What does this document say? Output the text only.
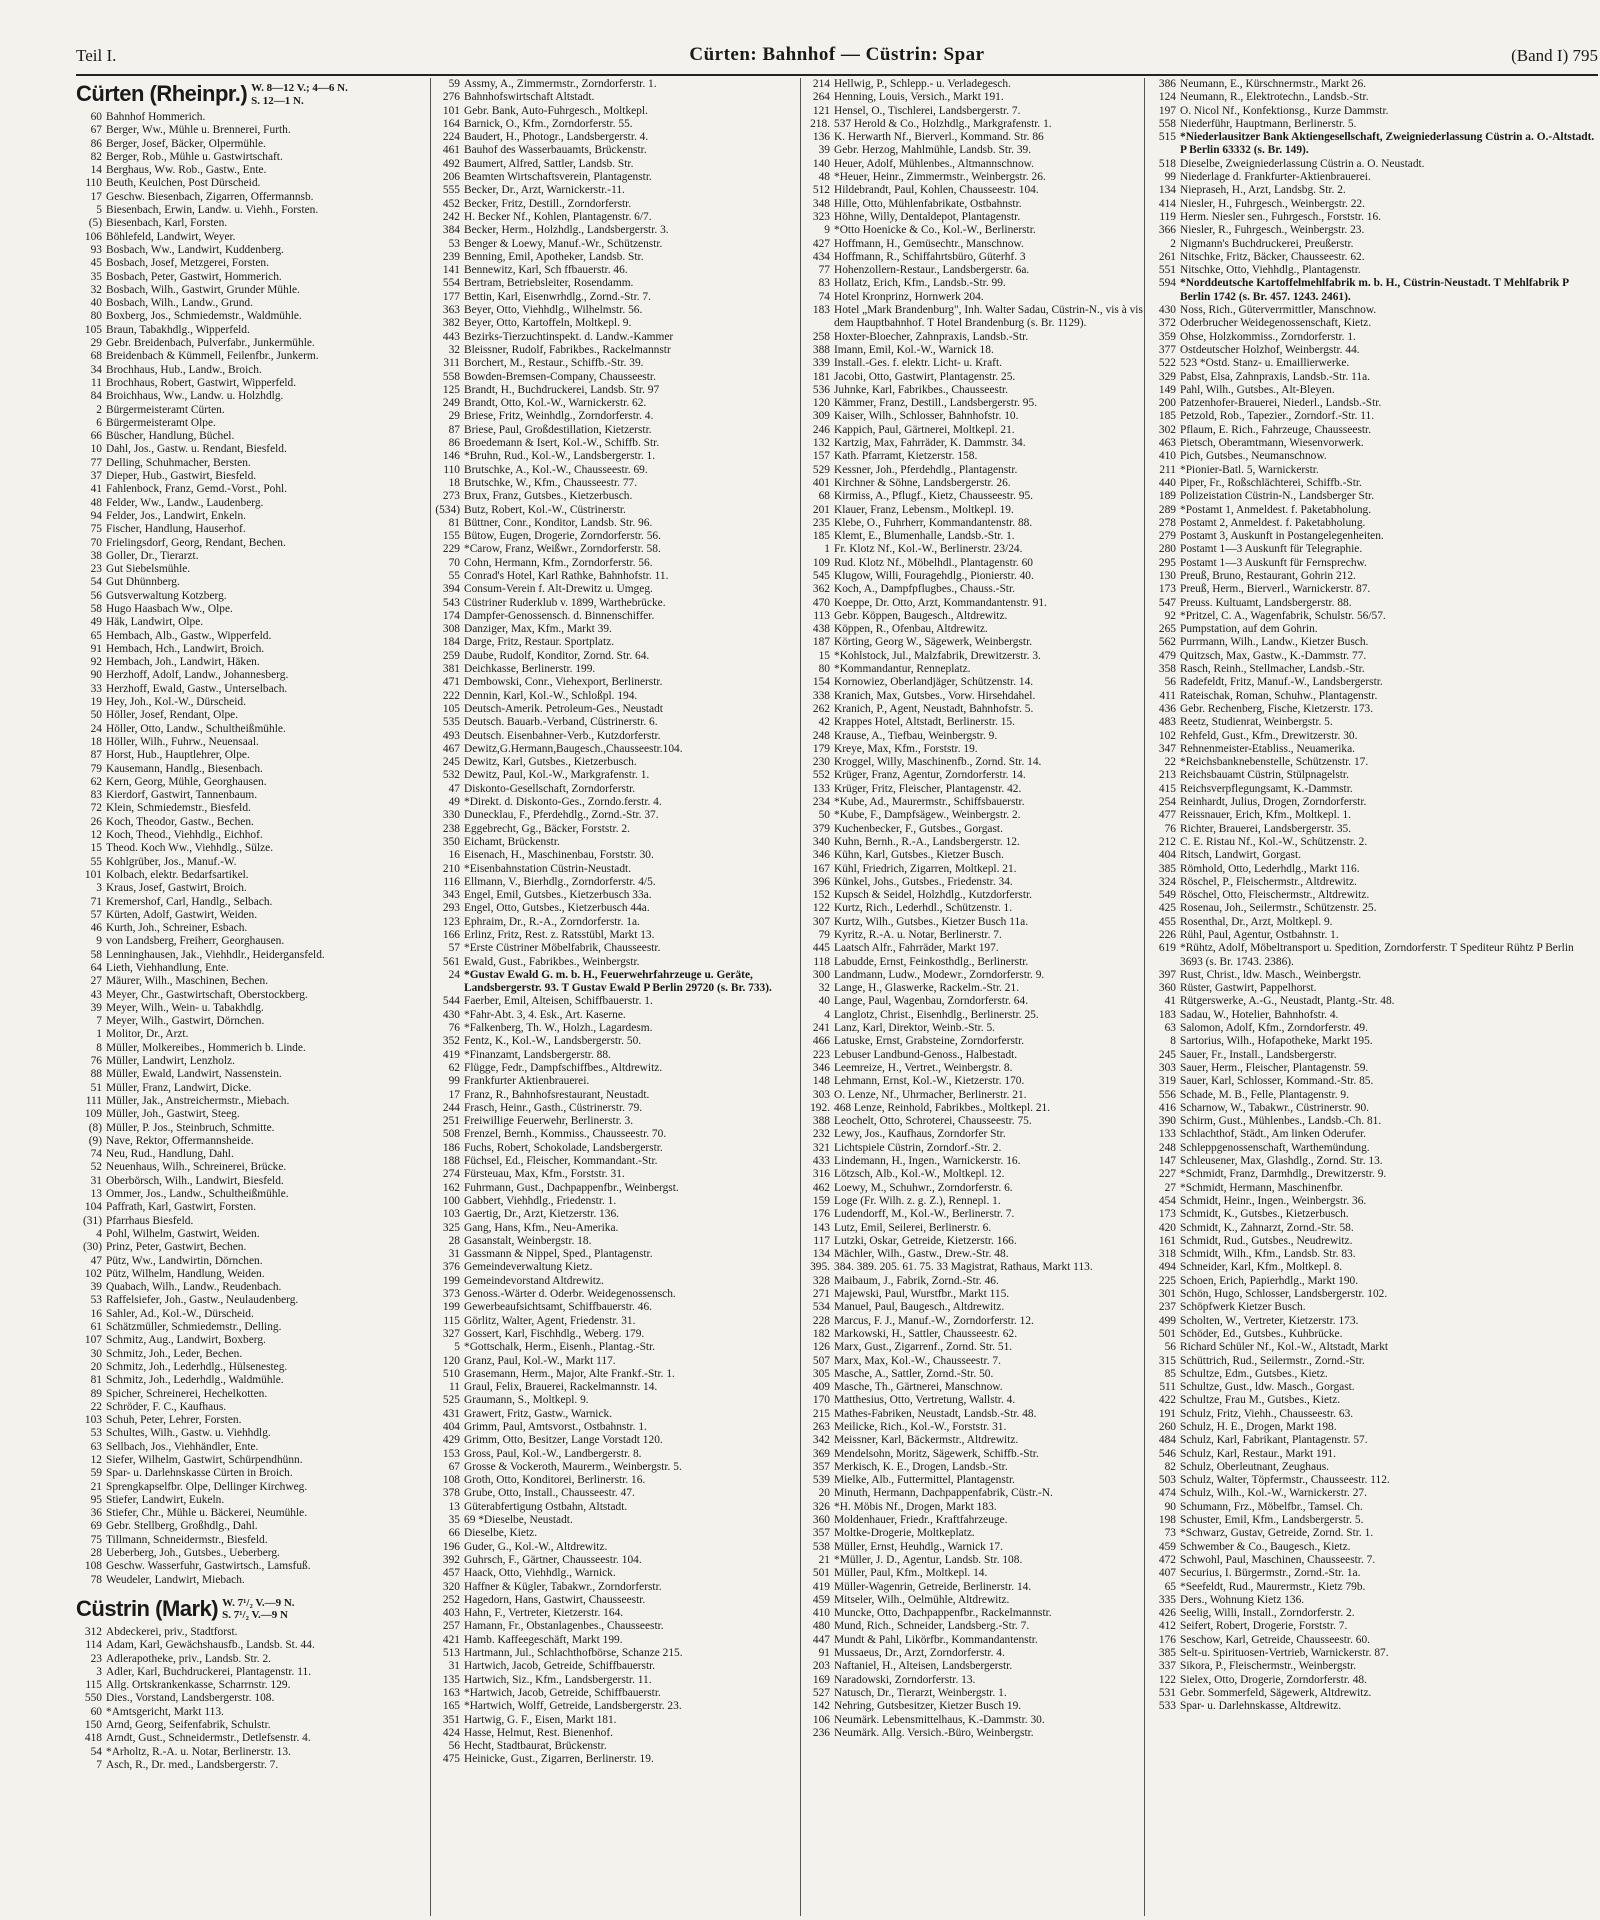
Teil I.	Cürten: Bahnhof — Cüstrin: Spar	(Band I) 795
Cürten (Rheinpr.) W. 8—12 V.; 4—6 N.
S. 12—1 N.
60 Bahnhof Hommerich.
67 Berger, Ww., Mühle u. Brennerei, Furth.
86 Berger, Josef, Bäcker, Olpermühle.
82 Berger, Rob., Mühle u. Gastwirtschaft.
14 Berghaus, Ww. Rob., Gastw., Ente.
110 Beuth, Keulchen, Post Dürscheid.
17 Geschw. Biesenbach, Zigarren, Offermannsb.
5 Biesenbach, Erwin, Landw. u. Viehh., Forsten.
(5) Biesenbach, Karl, Forsten.
106 Böhlefeld, Landwirt, Weyer.
93 Bosbach, Ww., Landwirt, Kuddenberg.
45 Bosbach, Josef, Metzgerei, Forsten.
35 Bosbach, Peter, Gastwirt, Hommerich.
32 Bosbach, Wilh., Gastwirt, Grunder Mühle.
40 Bosbach, Wilh., Landw., Grund.
80 Boxberg, Jos., Schmiedemstr., Waldmühle.
105 Braun, Tabakhdlg., Wipperfeld.
29 Gebr. Breidenbach, Pulverfabr., Junkermühle.
68 Breidenbach & Kümmell, Feilenfbr., Junkerm.
34 Brochhaus, Hub., Landw., Broich.
11 Brochhaus, Robert, Gastwirt, Wipperfeld.
84 Broichhaus, Ww., Landw. u. Holzhdlg.
2 Bürgermeisteramt Cürten.
6 Bürgermeisteramt Olpe.
66 Büscher, Handlung, Büchel.
10 Dahl, Jos., Gastw. u. Rendant, Biesfeld.
77 Delling, Schuhmacher, Bersten.
37 Dieper, Hub., Gastwirt, Biesfeld.
41 Fahlenbock, Franz, Gemd.-Vorst., Pohl.
48 Felder, Ww., Landw., Laudenberg.
94 Felder, Jos., Landwirt, Enkeln.
75 Fischer, Handlung, Hauserhof.
70 Frielingsdorf, Georg, Rendant, Bechen.
38 Goller, Dr., Tierarzt.
23 Gut Siebelsmühle.
54 Gut Dhünnberg.
56 Gutsverwaltung Kotzberg.
58 Hugo Haasbach Ww., Olpe.
49 Häk, Landwirt, Olpe.
65 Hembach, Alb., Gastw., Wipperfeld.
91 Hembach, Hch., Landwirt, Broich.
92 Hembach, Joh., Landwirt, Häken.
90 Herzhoff, Adolf, Landw., Johannesberg.
33 Herzhoff, Ewald, Gastw., Unterselbach.
19 Hey, Joh., Kol.-W., Dürscheid.
50 Höller, Josef, Rendant, Olpe.
24 Höller, Otto, Landw., Schultheißmühle.
18 Höller, Wilh., Fuhrw., Neuensaal.
87 Horst, Hub., Hauptlehrer, Olpe.
79 Kausemann, Handlg., Biesenbach.
62 Kern, Georg, Mühle, Georghausen.
83 Kierdorf, Gastwirt, Tannenbaum.
72 Klein, Schmiedemstr., Biesfeld.
26 Koch, Theodor, Gastw., Bechen.
12 Koch, Theod., Viehhdlg., Eichhof.
15 Theod. Koch Ww., Viehhdlg., Sülze.
55 Kohlgrüber, Jos., Manuf.-W.
101 Kolbach, elektr. Bedarfsartikel.
3 Kraus, Josef, Gastwirt, Broich.
71 Kremershof, Carl, Handlg., Selbach.
57 Kürten, Adolf, Gastwirt, Weiden.
46 Kurth, Joh., Schreiner, Esbach.
9 von Landsberg, Freiherr, Georghausen.
58 Lenninghausen, Jak., Viehhdlr., Heidergansfeld.
64 Lieth, Viehhandlung, Ente.
27 Mäurer, Wilh., Maschinen, Bechen.
43 Meyer, Chr., Gastwirtschaft, Oberstockberg.
39 Meyer, Wilh., Wein- u. Tabakhdlg.
7 Meyer, Wilh., Gastwirt, Dörnchen.
1 Molitor, Dr., Arzt.
8 Müller, Molkereibes., Hommerich b. Linde.
76 Müller, Landwirt, Lenzholz.
88 Müller, Ewald, Landwirt, Nassenstein.
51 Müller, Franz, Landwirt, Dicke.
111 Müller, Jak., Anstreichermstr., Miebach.
109 Müller, Joh., Gastwirt, Steeg.
(8) Müller, P. Jos., Steinbruch, Schmitte.
(9) Nave, Rektor, Offermannsheide.
74 Neu, Rud., Handlung, Dahl.
52 Neuenhaus, Wilh., Schreinerei, Brücke.
31 Oberbörsch, Wilh., Landwirt, Biesfeld.
13 Ommer, Jos., Landw., Schultheißmühle.
104 Paffrath, Karl, Gastwirt, Forsten.
(31) Pfarrhaus Biesfeld.
4 Pohl, Wilhelm, Gastwirt, Weiden.
(30) Prinz, Peter, Gastwirt, Bechen.
47 Pütz, Ww., Landwirtin, Dörnchen.
102 Pütz, Wilhelm, Handlung, Weiden.
39 Quabach, Wilh., Landw., Reudenbach.
53 Raffelsiefer, Joh., Gastw., Neulaudenberg.
16 Sahler, Ad., Kol.-W., Dürscheid.
61 Schätzmüller, Schmiedemstr., Delling.
107 Schmitz, Aug., Landwirt, Boxberg.
30 Schmitz, Joh., Leder, Bechen.
20 Schmitz, Joh., Lederhdlg., Hülsenesteg.
81 Schmitz, Joh., Lederhdlg., Waldmühle.
89 Spicher, Schreinerei, Hechelkotten.
22 Schröder, F. C., Kaufhaus.
103 Schuh, Peter, Lehrer, Forsten.
53 Schultes, Wilh., Gastw. u. Viehhdlg.
63 Sellbach, Jos., Viehhändler, Ente.
12 Siefer, Wilhelm, Gastwirt, Schürpendhünn.
59 Spar- u. Darlehnskasse Cürten in Broich.
21 Sprengkapselfbr. Olpe, Dellinger Kirchweg.
95 Stiefer, Landwirt, Eukeln.
36 Stiefer, Chr., Mühle u. Bäckerei, Neumühle.
69 Gebr. Stellberg, Großhdlg., Dahl.
75 Tillmann, Schneidermstr., Biesfeld.
28 Ueberberg, Joh., Gutsbes., Ueberberg.
108 Geschw. Wasserfuhr, Gastwirtsch., Lamsfuß.
78 Weudeler, Landwirt, Miebach.
Cüstrin (Mark) W. 7¹/₂ V.—9 N.
S. 7¹/₂ V.—9 N
312 Abdeckerei, priv., Stadtforst.
114 Adam, Karl, Gewächshausfb., Landsb. St. 44.
23 Adlerapotheke, priv., Landsb. Str. 2.
3 Adler, Karl, Buchdruckerei, Plantagenstr. 11.
115 Allg. Ortskrankenkasse, Scharrnstr. 129.
550 Dies., Vorstand, Landsbergerstr. 108.
60 *Amtsgericht, Markt 113.
150 Arnd, Georg, Seifenfabrik, Schulstr.
418 Arndt, Gust., Schneidermstr., Detlefsenstr. 4.
54 *Arholtz, R.-A. u. Notar, Berlinerstr. 13.
7 Asch, R., Dr. med., Landsbergerstr. 7.
59 Assmy, A., Zimmermstr., Zorndorferstr. 1.
276 Bahnhofswirtschaft Altstadt.
101 Gebr. Bank, Auto-Fuhrgesch., Moltkepl.
164 Barnick, O., Kfm., Zorndorferstr. 55.
224 Baudert, H., Photogr., Landsbergerstr. 4.
461 Bauhof des Wasserbauamts, Brückenstr.
492 Baumert, Alfred, Sattler, Landsb. Str.
206 Beamten Wirtschaftsverein, Plantagenstr.
555 Becker, Dr., Arzt, Warnickerstr.-11.
452 Becker, Fritz, Destill., Zorndorferstr.
242 H. Becker Nf., Kohlen, Plantagenstr. 6/7.
384 Becker, Herm., Holzhdlg., Landsbergerstr. 3.
53 Benger & Loewy, Manuf.-Wr., Schützenstr.
239 Benning, Emil, Apotheker, Landsb. Str.
141 Bennewitz, Karl, Sch ffbauerstr. 46.
554 Bertram, Betriebsleiter, Rosendamm.
177 Bettin, Karl, Eisenwrhdlg., Zornd.-Str. 7.
363 Beyer, Otto, Viehhdlg., Wilhelmstr. 56.
382 Beyer, Otto, Kartoffeln, Moltkepl. 9.
443 Bezirks-Tierzuchtinspekt. d. Landw.-Kammer
32 Bleissner, Rudolf, Fabrikbes., Rackelmannstr
311 Borchert, M., Restaur., Schiffb.-Str. 39.
558 Bowden-Bremsen-Company, Chausseestr.
125 Brandt, H., Buchdruckerei, Landsb. Str. 97
249 Brandt, Otto, Kol.-W., Warnickerstr. 62.
29 Briese, Fritz, Weinhdlg., Zorndorferstr. 4.
87 Briese, Paul, Großdestillation, Kietzerstr.
86 Broedemann & Isert, Kol.-W., Schiffb. Str.
146 *Bruhn, Rud., Kol.-W., Landsbergerstr. 1.
110 Brutschke, A., Kol.-W., Chausseestr. 69.
18 Brutschke, W., Kfm., Chausseestr. 77.
273 Brux, Franz, Gutsbes., Kietzerbusch.
(534) Butz, Robert, Kol.-W., Cüstrinerstr.
81 Büttner, Conr., Konditor, Landsb. Str. 96.
155 Bütow, Eugen, Drogerie, Zorndorferstr. 56.
229 *Carow, Franz, Weißwr., Zorndorferstr. 58.
70 Cohn, Hermann, Kfm., Zorndorferstr. 56.
55 Conrad's Hotel, Karl Rathke, Bahnhofstr. 11.
394 Consum-Verein f. Alt-Drewitz u. Umgeg.
543 Cüstriner Ruderklub v. 1899, Warthebrücke.
174 Dampfer-Genossensch. d. Binnenschiffer.
308 Danziger, Max, Kfm., Markt 39.
184 Darge, Fritz, Restaur. Sportplatz.
259 Daube, Rudolf, Konditor, Zornd. Str. 64.
381 Deichkasse, Berlinerstr. 199.
471 Dembowski, Conr., Viehexport, Berlinerstr.
222 Dennin, Karl, Kol.-W., Schloßpl. 194.
105 Deutsch-Amerik. Petroleum-Ges., Neustadt
535 Deutsch. Bauarb.-Verband, Cüstrinerstr. 6.
493 Deutsch. Eisenbahner-Verb., Kutzdorferstr.
467 Dewitz,G.Hermann,Baugesch.,Chausseestr.104.
245 Dewitz, Karl, Gutsbes., Kietzerbusch.
532 Dewitz, Paul, Kol.-W., Markgrafenstr. 1.
47 Diskonto-Gesellschaft, Zorndorferstr.
49 *Direkt. d. Diskonto-Ges., Zorndo.ferstr. 4.
330 Dunecklau, F., Pferdehdlg., Zornd.-Str. 37.
238 Eggebrecht, Gg., Bäcker, Forststr. 2.
350 Eichamt, Brückenstr.
16 Eisenach, H., Maschinenbau, Forststr. 30.
210 *Eisenbahnstation Cüstrin-Neustadt.
116 Ellmann, V., Bierhdlg., Zorndorferstr. 4/5.
343 Engel, Emil, Gutsbes., Kietzerbusch 33a.
293 Engel, Otto, Gutsbes., Kietzerbusch 44a.
123 Ephraim, Dr., R.-A., Zorndorferstr. 1a.
166 Erlinz, Fritz, Rest. z. Ratsstübl, Markt 13.
57 *Erste Cüstriner Möbelfabrik, Chausseestr.
561 Ewald, Gust., Fabrikbes., Weinbergstr.
24 *Gustav Ewald G. m. b. H., Feuerwehrfahrzeuge u. Geräte, Landsbergerstr. 93. T Gustav Ewald P Berlin 29720 (s. Br. 733).
544 Faerber, Emil, Alteisen, Schiffbauerstr. 1.
430 *Fahr-Abt. 3, 4. Esk., Art. Kaserne.
76 *Falkenberg, Th. W., Holzh., Lagardesm.
352 Fentz, K., Kol.-W., Landsbergerstr. 50.
419 *Finanzamt, Landsbergerstr. 88.
62 Flügge, Fedr., Dampfschiffbes., Altdrewitz.
99 Frankfurter Aktienbrauerei.
17 Franz, R., Bahnhofsrestaurant, Neustadt.
244 Frasch, Heinr., Gasth., Cüstrinerstr. 79.
251 Freiwillige Feuerwehr, Berlinerstr. 3.
508 Frenzel, Bernh., Kommiss., Chausseestr. 70.
186 Fuchs, Robert, Schokolade, Landsbergerstr.
188 Füchsel, Ed., Fleischer, Kommandant.-Str.
274 Fürsteuau, Max, Kfm., Forststr. 31.
162 Fuhrmann, Gust., Dachpappenfbr., Weinbergst.
100 Gabbert, Viehhdlg., Friedenstr. 1.
103 Gaertig, Dr., Arzt, Kietzerstr. 136.
325 Gang, Hans, Kfm., Neu-Amerika.
28 Gasanstalt, Weinbergstr. 18.
31 Gassmann & Nippel, Sped., Plantagenstr.
376 Gemeindeverwaltung Kietz.
199 Gemeindevorstand Altdrewitz.
373 Genoss.-Wärter d. Oderbr. Weidegenossensch.
199 Gewerbeaufsichtsamt, Schiffbauerstr. 46.
115 Görlitz, Walter, Agent, Friedenstr. 31.
327 Gossert, Karl, Fischhdlg., Weberg. 179.
5 *Gottschalk, Herm., Eisenh., Plantag.-Str.
120 Granz, Paul, Kol.-W., Markt 117.
510 Grasemann, Herm., Major, Alte Frankf.-Str. 1.
11 Graul, Felix, Brauerei, Rackelmannstr. 14.
525 Graumann, S., Moltkepl. 9.
431 Grawert, Fritz, Gastw., Warnick.
404 Grimm, Paul, Amtsvorst., Ostbahnstr. 1.
429 Grimm, Otto, Besitzer, Lange Vorstadt 120.
153 Gross, Paul, Kol.-W., Landbergerstr. 8.
67 Grosse & Vockeroth, Maurerm., Weinbergstr. 5.
108 Groth, Otto, Konditorei, Berlinerstr. 16.
378 Grube, Otto, Install., Chausseestr. 47.
13 Güterabfertigung Ostbahn, Altstadt.
35 69 *Dieselbe, Neustadt.
66 Dieselbe, Kietz.
196 Guder, G., Kol.-W., Altdrewitz.
392 Guhrsch, F., Gärtner, Chausseestr. 104.
457 Haack, Otto, Viehhdlg., Warnick.
320 Haffner & Kügler, Tabakwr., Zorndorferstr.
252 Hagedorn, Hans, Gastwirt, Chausseestr.
403 Hahn, F., Vertreter, Kietzerstr. 164.
257 Hamann, Fr., Obstanlagenbes., Chausseestr.
421 Hamb. Kaffeegeschäft, Markt 199.
513 Hartmann, Jul., Schlachthofbörse, Schanze 215.
31 Hartwich, Jacob, Getreide, Schiffbauerstr.
135 Hartwich, Siz., Kfm., Landsbergerstr. 11.
163 *Hartwich, Jacob, Getreide, Schiffbauerstr.
165 *Hartwich, Wolff, Getreide, Landsbergerstr. 23.
351 Hartwig, G. F., Eisen, Markt 181.
424 Hasse, Helmut, Rest. Bienenhof.
56 Hecht, Stadtbaurat, Brückenstr.
475 Heinicke, Gust., Zigarren, Berlinerstr. 19.
214 Hellwig, P., Schlepp.- u. Verladegesch.
264 Henning, Louis, Versich., Markt 191.
121 Hensel, O., Tischlerei, Landsbergerstr. 7.
218. 537 Herold & Co., Holzhdlg., Markgrafenstr. 1.
136 K. Herwarth Nf., Bierverl., Kommand. Str. 86
39 Gebr. Herzog, Mahlmühle, Landsb. Str. 39.
140 Heuer, Adolf, Mühlenbes., Altmannschnow.
48 *Heuer, Heinr., Zimmermstr., Weinbergstr. 26.
512 Hildebrandt, Paul, Kohlen, Chausseestr. 104.
348 Hille, Otto, Mühlenfabrikate, Ostbahnstr.
323 Höhne, Willy, Dentaldepot, Plantagenstr.
9 *Otto Hoenicke & Co., Kol.-W., Berlinerstr.
427 Hoffmann, H., Gemüsechtr., Manschnow.
434 Hoffmann, R., Schiffahrtsbüro, Güterhf. 3
77 Hohenzollern-Restaur., Landsbergerstr. 6a.
83 Hollatz, Erich, Kfm., Landsb.-Str. 99.
74 Hotel Kronprinz, Hornwerk 204.
183 Hotel „Mark Brandenburg", Inh. Walter Sadau, Cüstrin-N., vis à vis dem Hauptbahnhof. T Hotel Brandenburg (s. Br. 1129).
258 Hoxter-Bloecher, Zahnpraxis, Landsb.-Str.
388 Imann, Emil, Kol.-W., Warnick 18.
339 Install.-Ges. f. elektr. Licht- u. Kraft.
181 Jacobi, Otto, Gastwirt, Plantagenstr. 25.
536 Juhnke, Karl, Fabrikbes., Chausseestr.
120 Kämmer, Franz, Destill., Landsbergerstr. 95.
309 Kaiser, Wilh., Schlosser, Bahnhofstr. 10.
246 Kappich, Paul, Gärtnerei, Moltkepl. 21.
132 Kartzig, Max, Fahrräder, K. Dammstr. 34.
157 Kath. Pfarramt, Kietzerstr. 158.
529 Kessner, Joh., Pferdehdlg., Plantagenstr.
401 Kirchner & Söhne, Landsbergerstr. 26.
68 Kirmiss, A., Pflugf., Kietz, Chausseestr. 95.
201 Klauer, Franz, Lebensm., Moltkepl. 19.
235 Klebe, O., Fuhrherr, Kommandantenstr. 88.
185 Klemt, E., Blumenhalle, Landsb.-Str. 1.
1 Fr. Klotz Nf., Kol.-W., Berlinerstr. 23/24.
109 Rud. Klotz Nf., Möbelhdl., Plantagenstr. 60
545 Klugow, Willi, Fouragehdlg., Pionierstr. 40.
362 Koch, A., Dampfpflugbes., Chauss.-Str.
470 Koeppe, Dr. Otto, Arzt, Kommandantenstr. 91.
113 Gebr. Köppen, Baugesch., Altdrewitz.
438 Köppen, R., Ofenbau, Altdrewitz.
187 Körting, Georg W., Sägewerk, Weinbergstr.
15 *Kohlstock, Jul., Malzfabrik, Drewitzerstr. 3.
80 *Kommandantur, Renneplatz.
154 Kornowiez, Oberlandjäger, Schützenstr. 14.
338 Kranich, Max, Gutsbes., Vorw. Hirsehdahel.
262 Kranich, P., Agent, Neustadt, Bahnhofstr. 5.
42 Krappes Hotel, Altstadt, Berlinerstr. 15.
248 Krause, A., Tiefbau, Weinbergstr. 9.
179 Kreye, Max, Kfm., Forststr. 19.
230 Kroggel, Willy, Maschinenfb., Zornd. Str. 14.
552 Krüger, Franz, Agentur, Zorndorferstr. 14.
133 Krüger, Fritz, Fleischer, Plantagenstr. 42.
234 *Kube, Ad., Maurermstr., Schiffsbauerstr.
50 *Kube, F., Dampfsägew., Weinbergstr. 2.
379 Kuchenbecker, F., Gutsbes., Gorgast.
340 Kuhn, Bernh., R.-A., Landsbergerstr. 12.
346 Kühn, Karl, Gutsbes., Kietzer Busch.
167 Kühl, Friedrich, Zigarren, Moltkepl. 21.
396 Künkel, Johs., Gutsbes., Friedenstr. 34.
152 Kupsch & Seidel, Holzhdlg., Kutzdorferstr.
122 Kurtz, Rich., Lederhdl., Schützenstr. 1.
307 Kurtz, Wilh., Gutsbes., Kietzer Busch 11a.
79 Kyritz, R.-A. u. Notar, Berlinerstr. 7.
445 Laatsch Alfr., Fahrräder, Markt 197.
118 Labudde, Ernst, Feinkosthdlg., Berlinerstr.
300 Landmann, Ludw., Modewr., Zorndorferstr. 9.
32 Lange, H., Glaswerke, Rackelm.-Str. 21.
40 Lange, Paul, Wagenbau, Zorndorferstr. 64.
4 Langlotz, Christ., Eisenhdlg., Berlinerstr. 25.
241 Lanz, Karl, Direktor, Weinb.-Str. 5.
466 Latuske, Ernst, Grabsteine, Zorndorferstr.
223 Lebuser Landbund-Genoss., Halbestadt.
346 Leemreize, H., Vertret., Weinbergstr. 8.
148 Lehmann, Ernst, Kol.-W., Kietzerstr. 170.
303 O. Lenze, Nf., Uhrmacher, Berlinerstr. 21.
192. 468 Lenze, Reinhold, Fabrikbes., Moltkepl. 21.
388 Leochelt, Otto, Schroterei, Chausseestr. 75.
232 Lewy, Jos., Kaufhaus, Zorndorfer Str.
321 Lichtspiele Cüstrin, Zorndorf.-Str. 2.
433 Lindemann, H., Ingen., Warnickerstr. 16.
316 Lötzsch, Alb., Kol.-W., Moltkepl. 12.
462 Loewy, M., Schuhwr., Zorndorferstr. 6.
159 Loge (Fr. Wilh. z. g. Z.), Rennepl. 1.
176 Ludendorff, M., Kol.-W., Berlinerstr. 7.
143 Lutz, Emil, Seilerei, Berlinerstr. 6.
117 Lutzki, Oskar, Getreide, Kietzerstr. 166.
134 Mächler, Wilh., Gastw., Drew.-Str. 48.
395. 384. 389. 205. 61. 75. 33 Magistrat, Rathaus, Markt 113.
328 Maibaum, J., Fabrik, Zornd.-Str. 46.
271 Majewski, Paul, Wurstfbr., Markt 115.
534 Manuel, Paul, Baugesch., Altdrewitz.
228 Marcus, F. J., Manuf.-W., Zorndorferstr. 12.
182 Markowski, H., Sattler, Chausseestr. 62.
126 Marx, Gust., Zigarrenf., Zornd. Str. 51.
507 Marx, Max, Kol.-W., Chausseestr. 7.
305 Masche, A., Sattler, Zornd.-Str. 50.
409 Masche, Th., Gärtnerei, Manschnow.
170 Matthesius, Otto, Vertretung, Wallstr. 4.
215 Mathes-Fabriken, Neustadt, Landsb.-Str. 48.
263 Meilicke, Rich., Kol.-W., Forststr. 31.
342 Meissner, Karl, Bäckermstr., Altdrewitz.
369 Mendelsohn, Moritz, Sägewerk, Schiffb.-Str.
357 Merkisch, K. E., Drogen, Landsb.-Str.
539 Mielke, Alb., Futtermittel, Plantagenstr.
20 Minuth, Hermann, Dachpappenfabrik, Cüstr.-N.
326 *H. Möbis Nf., Drogen, Markt 183.
360 Moldenhauer, Friedr., Kraftfahrzeuge.
357 Moltke-Drogerie, Moltkeplatz.
538 Müller, Ernst, Heuhdlg., Warnick 17.
21 *Müller, J. D., Agentur, Landsb. Str. 108.
501 Müller, Paul, Kfm., Moltkepl. 14.
419 Müller-Wagenrin, Getreide, Berlinerstr. 14.
459 Mitseler, Wilh., Oelmühle, Altdrewitz.
410 Muncke, Otto, Dachpappenfbr., Rackelmannstr.
480 Mund, Rich., Schneider, Landsberg.-Str. 7.
447 Mundt & Pahl, Likörfbr., Kommandantenstr.
91 Mussaeus, Dr., Arzt, Zorndorferstr. 4.
203 Naftaniel, H., Alteisen, Landsbergerstr.
169 Naradowski, Zorndorferstr. 13.
527 Natusch, Dr., Tierarzt, Weinbergstr. 1.
142 Nehring, Gutsbesitzer, Kietzer Busch 19.
106 Neumärk. Lebensmittelhaus, K.-Dammstr. 30.
236 Neumärk. Allg. Versich.-Büro, Weinbergstr.
386 Neumann, E., Kürschnermstr., Markt 26.
124 Neumann, R., Elektrotechn., Landsb.-Str.
197 O. Nicol Nf., Konfektionsg., Kurze Dammstr.
558 Niederführ, Hauptmann, Berlinerstr. 5.
515 *Niederlausitzer Bank Aktiengesellschaft, Zweigniederlassung Cüstrin a. O.-Altstadt. P Berlin 63332 (s. Br. 149).
518 Dieselbe, Zweigniederlassung Cüstrin a. O. Neustadt.
99 Niederlage d. Frankfurter-Aktienbrauerei.
134 Niepraseh, H., Arzt, Landsbg. Str. 2.
414 Niesler, H., Fuhrgesch., Weinbergstr. 22.
119 Herm. Niesler sen., Fuhrgesch., Forststr. 16.
366 Niesler, R., Fuhrgesch., Weinbergstr. 23.
2 Nigmann's Buchdruckerei, Preußerstr.
261 Nitschke, Fritz, Bäcker, Chausseestr. 62.
551 Nitschke, Otto, Viehhdlg., Plantagenstr.
594 *Norddeutsche Kartoffelmehlfabrik m. b. H., Cüstrin-Neustadt. T Mehlfabrik P Berlin 1742 (s. Br. 457. 1243. 2461).
430 Noss, Rich., Güterverrmittler, Manschnow.
372 Oderbrucher Weidegenossenschaft, Kietz.
359 Ohse, Holzkommiss., Zorndorferstr. 1.
377 Ostdeutscher Holzhof, Weinbergstr. 44.
522 523 *Ostd. Stanz- u. Emaillierwerke.
329 Pabst, Elsa, Zahnpraxis, Landsb.-Str. 11a.
149 Pahl, Wilh., Gutsbes., Alt-Bleyen.
200 Patzenhofer-Brauerei, Niederl., Landsb.-Str.
185 Petzold, Rob., Tapezier., Zorndorf.-Str. 11.
302 Pflaum, E. Rich., Fahrzeuge, Chausseestr.
463 Pietsch, Oberamtmann, Wiesenvorwerk.
410 Pich, Gutsbes., Neumanschnow.
211 *Pionier-Batl. 5, Warnickerstr.
440 Piper, Fr., Roßschlächterei, Schiffb.-Str.
189 Polizeistation Cüstrin-N., Landsberger Str.
289 *Postamt 1, Anmeldest. f. Paketabholung.
278 Postamt 2, Anmeldest. f. Paketabholung.
279 Postamt 3, Auskunft in Postangelegenheiten.
280 Postamt 1—3 Auskunft für Telegraphie.
295 Postamt 1—3 Auskunft für Fernsprechw.
130 Preuß, Bruno, Restaurant, Gohrin 212.
173 Preuß, Herm., Bierverl., Warnickerstr. 87.
547 Preuss. Kultuamt, Landsbergerstr. 88.
92 *Pritzel, C. A., Wagenfabrik, Schulstr. 56/57.
265 Pumpstation, auf dem Gohrin.
562 Purrmann, Wilh., Landw., Kietzer Busch.
479 Quitzsch, Max, Gastw., K.-Dammstr. 77.
358 Rasch, Reinh., Stellmacher, Landsb.-Str.
56 Radefeldt, Fritz, Manuf.-W., Landsbergerstr.
411 Rateischak, Roman, Schuhw., Plantagenstr.
436 Gebr. Rechenberg, Fische, Kietzerstr. 173.
483 Reetz, Studienrat, Weinbergstr. 5.
102 Rehfeld, Gust., Kfm., Drewitzerstr. 30.
347 Rehnenmeister-Etabliss., Neuamerika.
22 *Reichsbanknebenstelle, Schützenstr. 17.
213 Reichsbauamt Cüstrin, Stülpnagelstr.
415 Reichsverpflegungsamt, K.-Dammstr.
254 Reinhardt, Julius, Drogen, Zorndorferstr.
477 Reissnauer, Erich, Kfm., Moltkepl. 1.
76 Richter, Brauerei, Landsbergerstr. 35.
212 C. E. Ristau Nf., Kol.-W., Schützenstr. 2.
404 Ritsch, Landwirt, Gorgast.
385 Römhold, Otto, Lederhdlg., Markt 116.
324 Röschel, P., Fleischermstr., Altdrewitz.
549 Röschel, Otto, Fleischermstr., Altdrewitz.
425 Rosenau, Joh., Seilermstr., Schützenstr. 25.
455 Rosenthal, Dr., Arzt, Moltkepl. 9.
226 Rühl, Paul, Agentur, Ostbahnstr. 1.
619 *Rühtz, Adolf, Möbeltransport u. Spedition, Zorndorferstr. T Spediteur Rühtz P Berlin 3693 (s. Br. 1743. 2386).
397 Rust, Christ., ldw. Masch., Weinbergstr.
360 Rüster, Gastwirt, Pappelhorst.
41 Rütgerswerke, A.-G., Neustadt, Plantg.-Str. 48.
183 Sadau, W., Hotelier, Bahnhofstr. 4.
63 Salomon, Adolf, Kfm., Zorndorferstr. 49.
8 Sartorius, Wilh., Hofapotheke, Markt 195.
245 Sauer, Fr., Install., Landsbergerstr.
303 Sauer, Herm., Fleischer, Plantagenstr. 59.
319 Sauer, Karl, Schlosser, Kommand.-Str. 85.
556 Schade, M. B., Felle, Plantagenstr. 9.
416 Scharnow, W., Tabakwr., Cüstrinerstr. 90.
390 Schirm, Gust., Mühlenbes., Landsb.-Ch. 81.
133 Schlachthof, Städt., Am linken Oderufer.
248 Schleppgenossenschaft, Warthemündung.
147 Schleusener, Max, Glashdlg., Zornd. Str. 13.
227 *Schmidt, Franz, Darmhdlg., Drewitzerstr. 9.
27 *Schmidt, Hermann, Maschinenfbr.
454 Schmidt, Heinr., Ingen., Weinbergstr. 36.
173 Schmidt, K., Gutsbes., Kietzerbusch.
420 Schmidt, K., Zahnarzt, Zornd.-Str. 58.
161 Schmidt, Rud., Gutsbes., Neudrewitz.
318 Schmidt, Wilh., Kfm., Landsb. Str. 83.
494 Schneider, Karl, Kfm., Moltkepl. 8.
225 Schoen, Erich, Papierhdlg., Markt 190.
301 Schön, Hugo, Schlosser, Landsbergerstr. 102.
237 Schöpfwerk Kietzer Busch.
499 Scholten, W., Vertreter, Kietzerstr. 173.
501 Schöder, Ed., Gutsbes., Kuhbrücke.
56 Richard Schüler Nf., Kol.-W., Altstadt, Markt
315 Schüttrich, Rud., Seilermstr., Zornd.-Str.
85 Schultze, Edm., Gutsbes., Kietz.
511 Schultze, Gust., ldw. Masch., Gorgast.
422 Schultze, Frau M., Gutsbes., Kietz.
191 Schulz, Fritz, Viehh., Chausseestr. 63.
260 Schulz, H. E., Drogen, Markt 198.
484 Schulz, Karl, Fabrikant, Plantagenstr. 57.
546 Schulz, Karl, Restaur., Markt 191.
82 Schulz, Oberleutnant, Zeughaus.
503 Schulz, Walter, Töpfermstr., Chausseestr. 112.
474 Schulz, Wilh., Kol.-W., Warnickerstr. 27.
90 Schumann, Frz., Möbelfbr., Tamsel. Ch.
198 Schuster, Emil, Kfm., Landsbergerstr. 5.
73 *Schwarz, Gustav, Getreide, Zornd. Str. 1.
459 Schwember & Co., Baugesch., Kietz.
472 Schwohl, Paul, Maschinen, Chausseestr. 7.
407 Securius, I. Bürgermstr., Zornd.-Str. 1a.
65 *Seefeldt, Rud., Maurermstr., Kietz 79b.
335 Ders., Wohnung Kietz 136.
426 Seelig, Willi, Install., Zorndorferstr. 2.
412 Seifert, Robert, Drogerie, Forststr. 7.
176 Seschow, Karl, Getreide, Chausseestr. 60.
385 Selt-u. Spirituosen-Vertrieb, Warnickerstr. 87.
337 Sikora, P., Fleischermstr., Weinbergstr.
122 Sielex, Otto, Drogerie, Zorndorferstr. 48.
531 Gebr. Sommerfeld, Sägewerk, Altdrewitz.
533 Spar- u. Darlehnskasse, Altdrewitz.
